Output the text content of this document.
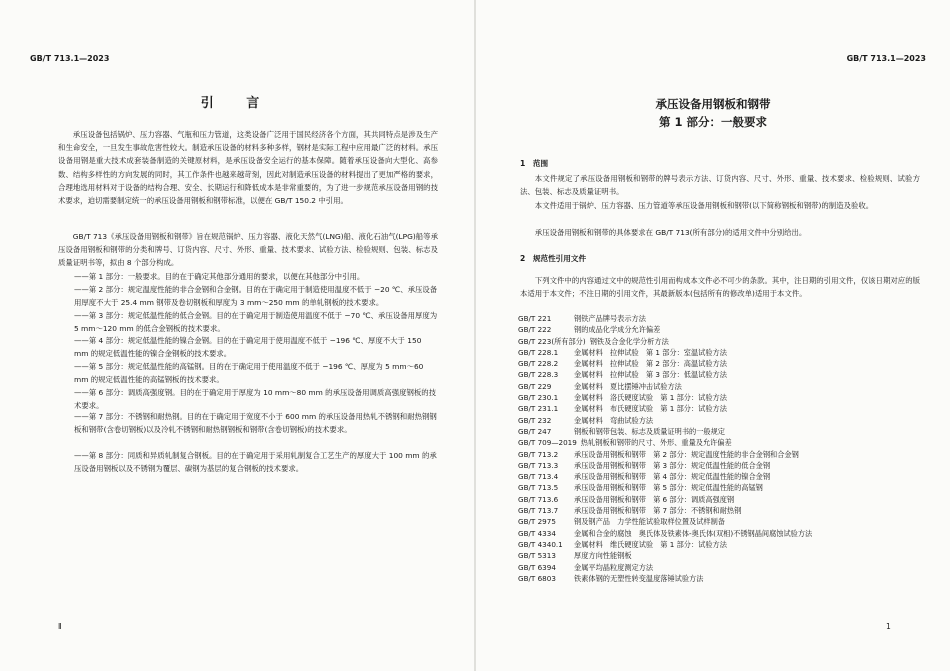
GB/T 713.1—2023
引 言

承压设备包括锅炉、压力容器、气瓶和压力管道，这类设备广泛用于国民经济各个方面，其共同特点是涉及生产和生命安全，一旦发生事故危害性较大。制造承压设备的材料多种多样，钢材是实际工程中应用最广泛的材料。承压设备用钢是重大技术成套装备制造的关键原材料，是承压设备安全运行的基本保障。随着承压设备向大型化、高参数、结构多样性的方向发展的同时，其工作条件也越来越苛刻，因此对制造承压设备的材料提出了更加严格的要求，合理地选用材料对于设备的结构合理、安全、长期运行和降低成本是非常重要的，为了进一步规范承压设备用钢的技术要求，迫切需要制定统一的承压设备用钢板和钢带标准，以便在 GB/T 150.2 中引用。

GB/T 713《承压设备用钢板和钢带》旨在规范锅炉、压力容器、液化天然气(LNG)船、液化石油气(LPG)船等承压设备用钢板和钢带的分类和牌号、订货内容、尺寸、外形、重量、技术要求、试验方法、检验规则、包装、标志及质量证明书等，拟由 8 个部分构成。

——第 1 部分：一般要求。目的在于确定其他部分通用的要求，以便在其他部分中引用。

——第 2 部分：规定温度性能的非合金钢和合金钢。目的在于确定用于制造使用温度不低于 −20 ℃、承压设备用厚度不大于 25.4 mm 钢带及卷切钢板和厚度为 3 mm～250 mm 的单轧钢板的技术要求。

——第 3 部分：规定低温性能的低合金钢。目的在于确定用于制造使用温度不低于 −70 ℃、承压设备用厚度为 5 mm～120 mm 的低合金钢板的技术要求。

——第 4 部分：规定低温性能的镍合金钢。目的在于确定用于使用温度不低于 −196 ℃、厚度不大于 150 mm 的规定低温性能的镍合金钢板的技术要求。

——第 5 部分：规定低温性能的高锰钢。目的在于确定用于使用温度不低于 −196 ℃、厚度为 5 mm～60 mm 的规定低温性能的高锰钢板的技术要求。

——第 6 部分：调质高强度钢。目的在于确定用于厚度为 10 mm～80 mm 的承压设备用调质高强度钢板的技术要求。

——第 7 部分：不锈钢和耐热钢。目的在于确定用于宽度不小于 600 mm 的承压设备用热轧不锈钢和耐热钢钢板和钢带(含卷切钢板)以及冷轧不锈钢和耐热钢钢板和钢带(含卷切钢板)的技术要求。

——第 8 部分：同质和异质轧制复合钢板。目的在于确定用于采用轧制复合工艺生产的厚度大于 100 mm 的承压设备用钢板以及不锈钢为覆层、碳钢为基层的复合钢板的技术要求。

Ⅱ
GB/T 713.1—2023
承压设备用钢板和钢带
第 1 部分：一般要求
1　范围

本文件规定了承压设备用钢板和钢带的牌号表示方法、订货内容、尺寸、外形、重量、技术要求、检验规则、试验方法、包装、标志及质量证明书。

本文件适用于锅炉、压力容器、压力管道等承压设备用钢板和钢带(以下简称钢板和钢带)的制造及验收。

承压设备用钢板和钢带的具体要求在 GB/T 713(所有部分)的适用文件中分别给出。

2　规范性引用文件

下列文件中的内容通过文中的规范性引用而构成本文件必不可少的条款。其中，注日期的引用文件，仅该日期对应的版本适用于本文件；不注日期的引用文件，其最新版本(包括所有的修改单)适用于本文件。

GB/T 221	钢铁产品牌号表示方法
GB/T 222	钢的成品化学成分允许偏差
GB/T 223(所有部分) 钢铁及合金化学分析方法
GB/T 228.1 金属材料　拉伸试验　第 1 部分：室温试验方法
GB/T 228.2 金属材料　拉伸试验　第 2 部分：高温试验方法
GB/T 228.3 金属材料　拉伸试验　第 3 部分：低温试验方法
GB/T 229	金属材料　夏比摆锤冲击试验方法
GB/T 230.1 金属材料　洛氏硬度试验　第 1 部分：试验方法
GB/T 231.1 金属材料　布氏硬度试验　第 1 部分：试验方法
GB/T 232	金属材料　弯曲试验方法
GB/T 247	钢板和钢带包装、标志及质量证明书的一般规定
GB/T 709—2019 热轧钢板和钢带的尺寸、外形、重量及允许偏差
GB/T 713.2 承压设备用钢板和钢带　第 2 部分：规定温度性能的非合金钢和合金钢
GB/T 713.3 承压设备用钢板和钢带　第 3 部分：规定低温性能的低合金钢
GB/T 713.4 承压设备用钢板和钢带　第 4 部分：规定低温性能的镍合金钢
GB/T 713.5 承压设备用钢板和钢带　第 5 部分：规定低温性能的高锰钢
GB/T 713.6 承压设备用钢板和钢带　第 6 部分：调质高强度钢
GB/T 713.7 承压设备用钢板和钢带　第 7 部分：不锈钢和耐热钢
GB/T 2975	钢及钢产品　力学性能试验取样位置及试样制备
GB/T 4334	金属和合金的腐蚀　奥氏体及铁素体-奥氏体(双相)不锈钢晶间腐蚀试验方法
GB/T 4340.1 金属材料　维氏硬度试验　第 1 部分：试验方法
GB/T 5313	厚度方向性能钢板
GB/T 6394	金属平均晶粒度测定方法
GB/T 6803	铁素体钢的无塑性转变温度落锤试验方法
1
